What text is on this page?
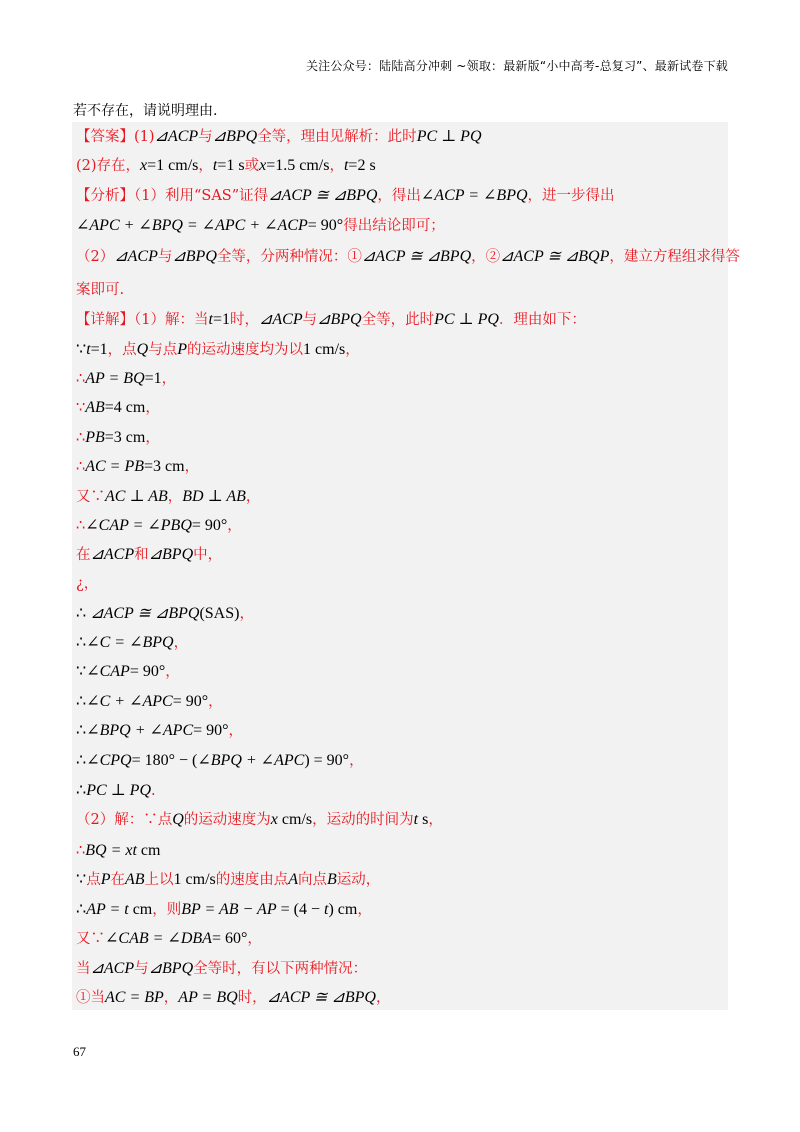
关注公众号：陆陆高分冲刺 ~领取：最新版“小中高考-总复习”、最新试卷下载
若不存在，请说明理由.
【答案】(1)⊿ACP与⊿BPQ全等，理由见解析：此时PC ⊥ PQ
(2)存在，x=1 cm/s，t=1 s或x=1.5 cm/s，t=2 s
【分析】（1）利用“SAS”证得⊿ACP ≅ ⊿BPQ，得出∠ACP = ∠BPQ，进一步得出
∠APC + ∠BPQ = ∠APC + ∠ACP= 90°得出结论即可；
（2）⊿ACP与⊿BPQ全等，分两种情况：①⊿ACP ≅ ⊿BPQ，②⊿ACP ≅ ⊿BQP，建立方程组求得答
案即可.
【详解】（1）解：当t=1时，⊿ACP与⊿BPQ全等，此时PC ⊥ PQ．理由如下：
∵t=1，点Q与点P的运动速度均为以1 cm/s，
∴AP = BQ=1，
∵AB=4 cm，
∴PB=3 cm，
∴AC = PB=3 cm，
又∵AC ⊥ AB，BD ⊥ AB，
∴∠CAP = ∠PBQ= 90°，
在⊿ACP和⊿BPQ中，
¿，
∴ ⊿ACP ≅ ⊿BPQ(SAS)，
∴∠C = ∠BPQ，
∵∠CAP= 90°，
∴∠C + ∠APC= 90°，
∴∠BPQ + ∠APC= 90°，
∴∠CPQ= 180° − (∠BPQ + ∠APC) = 90°，
∴PC ⊥ PQ.
（2）解：∵点Q的运动速度为x cm/s，运动的时间为t s，
∴BQ = xt cm
∵点P在AB上以1 cm/s的速度由点A向点B运动，
∴AP = t cm，则BP = AB − AP = (4 − t) cm，
又∵∠CAB = ∠DBA= 60°，
当⊿ACP与⊿BPQ全等时，有以下两种情况：
①当AC = BP，AP = BQ时，⊿ACP ≅ ⊿BPQ，
67
